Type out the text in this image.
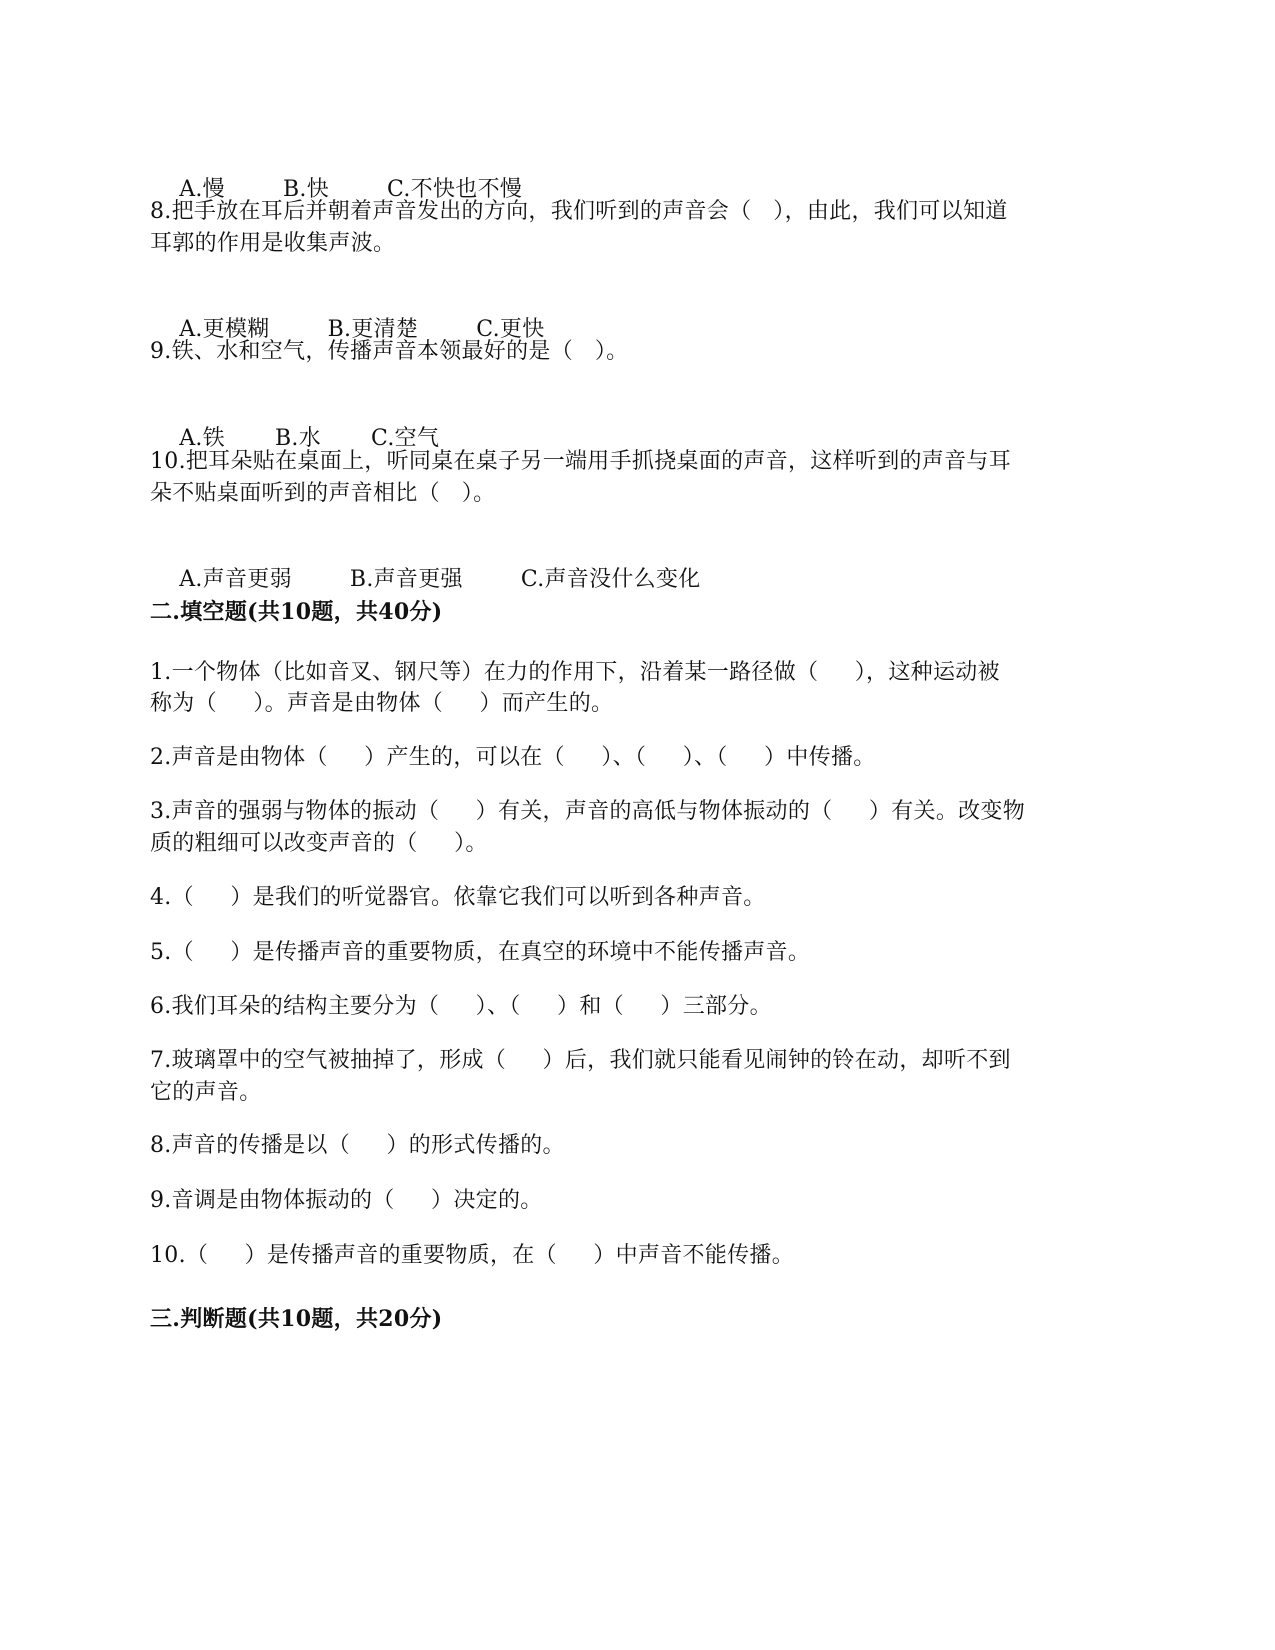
A.慢	B.快	C.不快也不慢

8.把手放在耳后并朝着声音发出的方向，我们听到的声音会（   ），由此，我们可以知道
耳郭的作用是收集声波。

A.更模糊	B.更清楚	C.更快

9.铁、水和空气，传播声音本领最好的是（   ）。

A.铁 B.水 C.空气

10.把耳朵贴在桌面上，听同桌在桌子另一端用手抓挠桌面的声音，这样听到的声音与耳
朵不贴桌面听到的声音相比（   ）。

A.声音更弱	B.声音更强	C.声音没什么变化

二.填空题(共10题，共40分)
1.一个物体（比如音叉、钢尺等）在力的作用下，沿着某一路径做（     ），这种运动被
称为（     ）。声音是由物体（     ）而产生的。
2.声音是由物体（     ）产生的，可以在（     ）、（     ）、（     ）中传播。
3.声音的强弱与物体的振动（     ）有关，声音的高低与物体振动的（     ）有关。改变物
质的粗细可以改变声音的（     ）。
4.（     ）是我们的听觉器官。依靠它我们可以听到各种声音。
5.（     ）是传播声音的重要物质，在真空的环境中不能传播声音。
6.我们耳朵的结构主要分为（     ）、（     ）和（     ）三部分。
7.玻璃罩中的空气被抽掉了，形成（     ）后，我们就只能看见闹钟的铃在动，却听不到
它的声音。
8.声音的传播是以（     ）的形式传播的。
9.音调是由物体振动的（     ）决定的。
10.（     ）是传播声音的重要物质，在（     ）中声音不能传播。
三.判断题(共10题，共20分)
